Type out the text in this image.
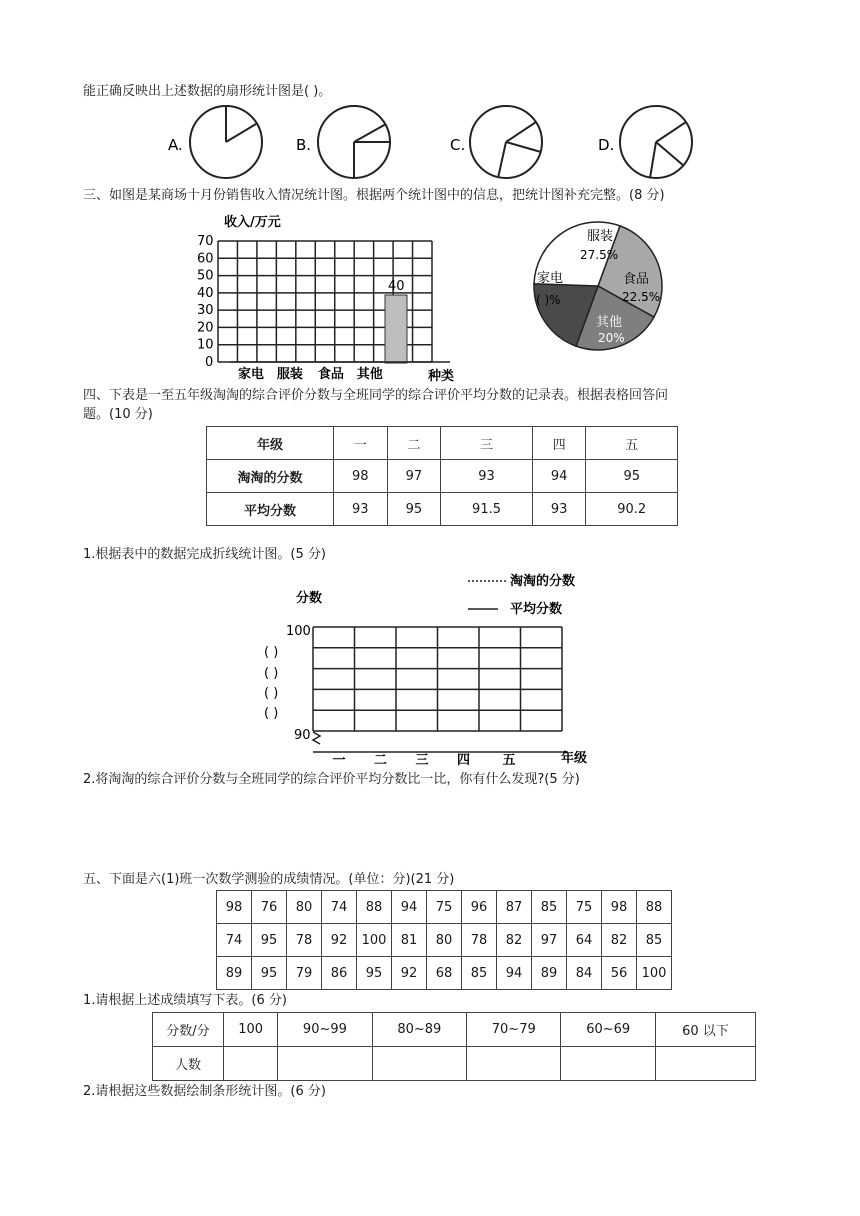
能正确反映出上述数据的扇形统计图是( )。
A.	B.	C.	D.
三、如图是某商场十月份销售收入情况统计图。根据两个统计图中的信息，把统计图补充完整。(8 分)
收入/万元
0
10
20
30
40
50
60
70
家电 服装 食品 其他
40
种类
服装
27.5%
食品
22.5%
其他
20%
家电
( )%
四、下表是一至五年级淘淘的综合评价分数与全班同学的综合评价平均分数的记录表。根据表格回答问
题。(10 分)
年级	一	二	三	四	五
淘淘的分数	98	97	93	94	95
平均分数	93	95	91.5	93	90.2
1.根据表中的数据完成折线统计图。(5 分)
淘淘的分数
平均分数
分数
100
( )
( )
( )
( )
90
一 二 三 四 五	年级
2.将淘淘的综合评价分数与全班同学的综合评价平均分数比一比，你有什么发现?(5 分)
五、下面是六(1)班一次数学测验的成绩情况。(单位：分)(21 分)
98	76	80	74	88	94	75	96	87	85	75	98	88
74	95	78	92	100	81	80	78	82	97	64	82	85
89	95	79	86	95	92	68	85	94	89	84	56	100
1.请根据上述成绩填写下表。(6 分)
分数/分	100	90~99	80~89	70~79	60~69	60 以下
人数						
2.请根据这些数据绘制条形统计图。(6 分)
